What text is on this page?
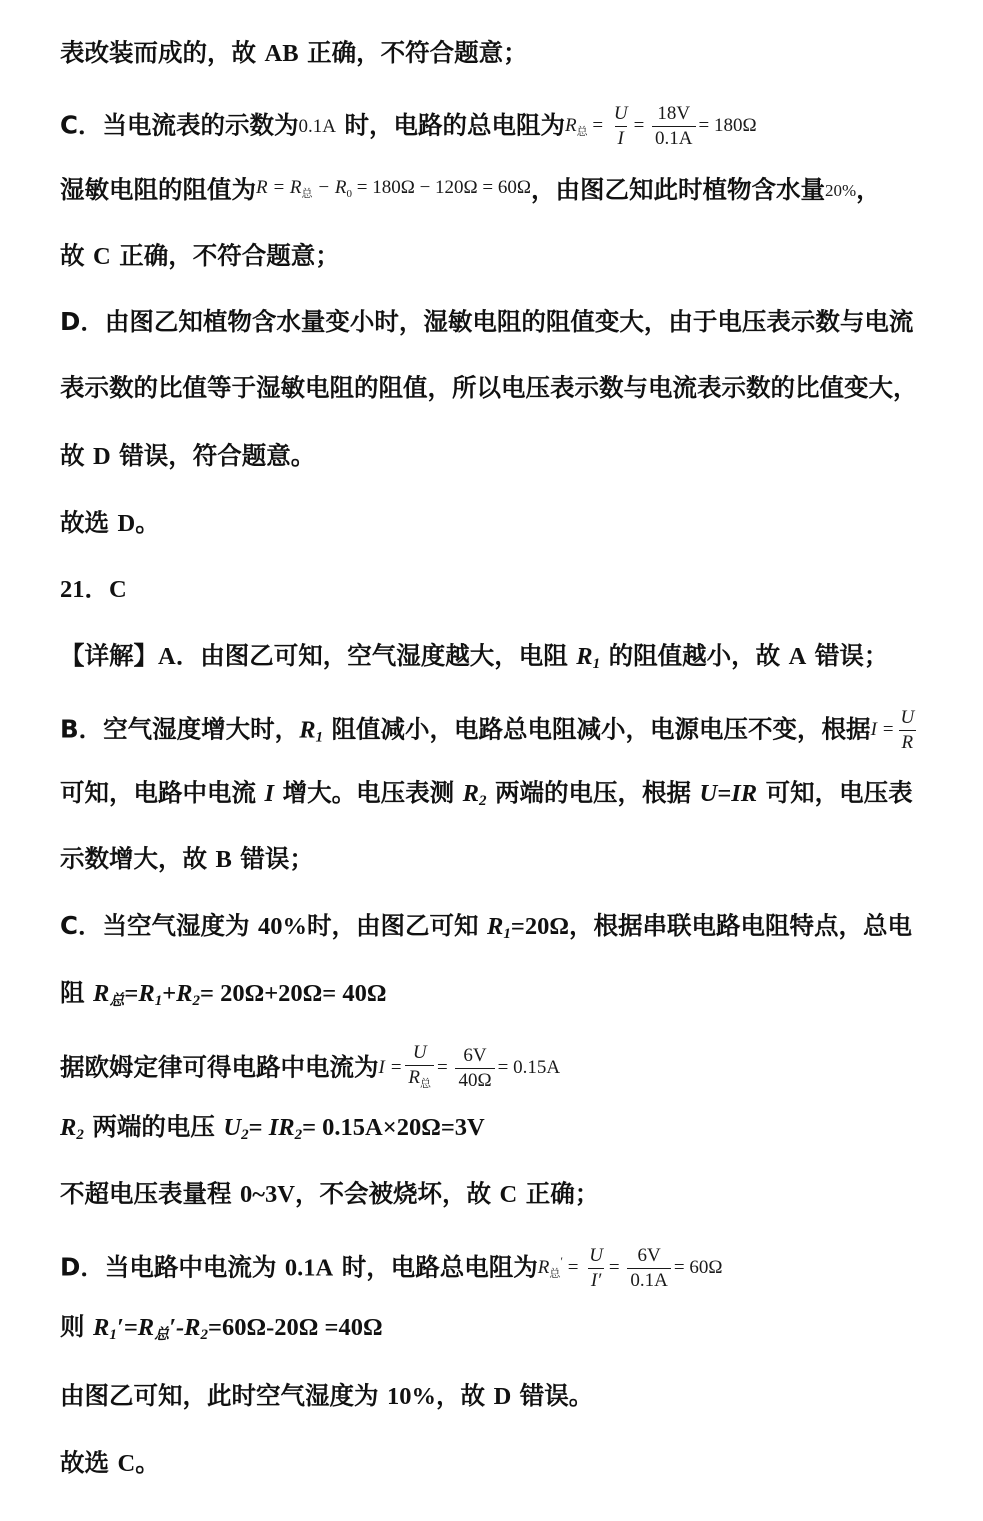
表改装而成的，故 AB 正确，不符合题意；
C．当电流表的示数为0.1A 时，电路的总电阻为$R_总 = \frac{U}{I} = \frac{18V}{0.1A} = 180\Omega$
湿敏电阻的阻值为$R = R_总 - R_0 = 180\Omega - 120\Omega = 60\Omega$，由图乙知此时植物含水量20%，
故 C 正确，不符合题意；
D．由图乙知植物含水量变小时，湿敏电阻的阻值变大，由于电压表示数与电流
表示数的比值等于湿敏电阻的阻值，所以电压表示数与电流表示数的比值变大，
故 D 错误，符合题意。
故选 D。
21．C
【详解】A．由图乙可知，空气湿度越大，电阻 R1 的阻值越小，故 A 错误；
B．空气湿度增大时，R1 阻值减小，电路总电阻减小，电源电压不变，根据$I = \frac{U}{R}$
可知，电路中电流 I 增大。电压表测 R2 两端的电压，根据 U=IR 可知，电压表
示数增大，故 B 错误；
C．当空气湿度为 40%时，由图乙可知 R1=20Ω，根据串联电路电阻特点，总电
阻 R总=R1+R2= 20Ω+20Ω= 40Ω
据欧姆定律可得电路中电流为I =
U
$R_总$
= $\frac{6V}{40\Omega} = 0.15A$
R2 两端的电压 U2= IR2= 0.15A×20Ω=3V
不超电压表量程 0~3V，不会被烧坏，故 C 正确；
D．当电路中电流为 0.1A 时，电路总电阻为$R_总' = \frac{U}{I'} = \frac{6V}{0.1A} = 60\Omega$
则 R1′=R总′-R2=60Ω-20Ω =40Ω
由图乙可知，此时空气湿度为 10%，故 D 错误。
故选 C。
